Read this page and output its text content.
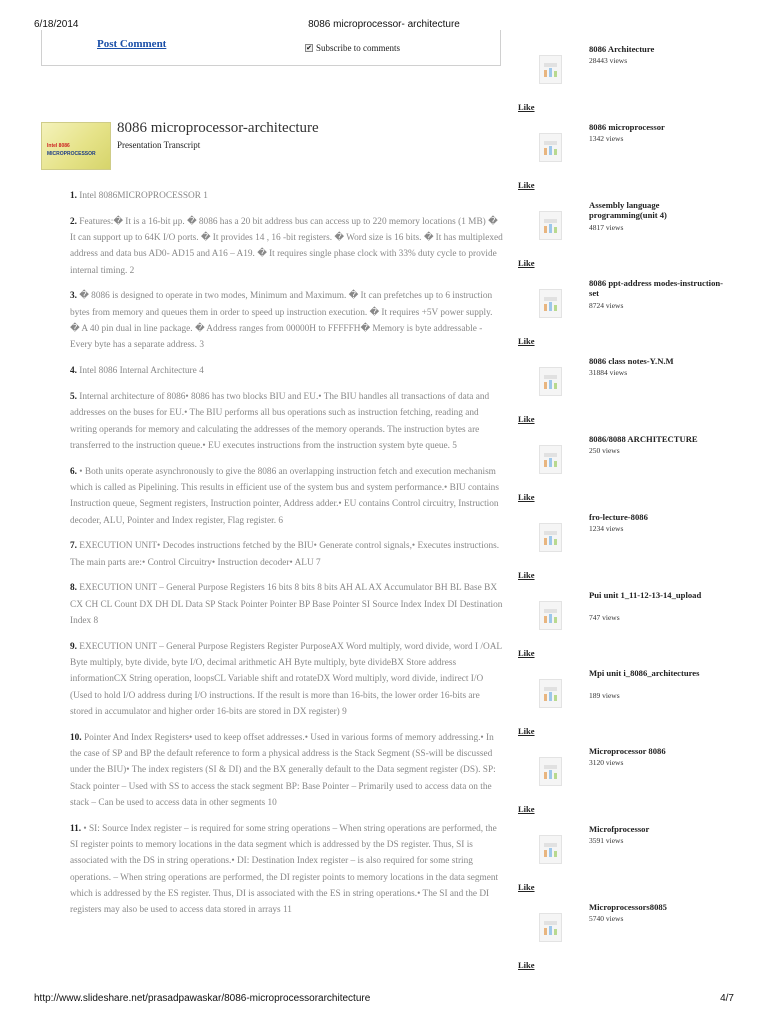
6/18/2014	8086 microprocessor- architecture
Post Comment	✔ Subscribe to comments
Intel 8086
MICROPROCESSOR
8086 microprocessor-architecture
Presentation Transcript

1. Intel 8086MICROPROCESSOR 1

2. Features:� It is a 16-bit μp. � 8086 has a 20 bit address bus can access up to 220 memory locations (1 MB) � It can support up to 64K I/O ports. � It provides 14 , 16 -bit registers. � Word size is 16 bits. � It has multiplexed address and data bus AD0- AD15 and A16 – A19. � It requires single phase clock with 33% duty cycle to provide internal timing. 2

3. � 8086 is designed to operate in two modes, Minimum and Maximum. � It can prefetches up to 6 instruction bytes from memory and queues them in order to speed up instruction execution. � It requires +5V power supply. � A 40 pin dual in line package. � Address ranges from 00000H to FFFFFH� Memory is byte addressable - Every byte has a separate address. 3

4. Intel 8086 Internal Architecture 4

5. Internal architecture of 8086• 8086 has two blocks BIU and EU.• The BIU handles all transactions of data and addresses on the buses for EU.• The BIU performs all bus operations such as instruction fetching, reading and writing operands for memory and calculating the addresses of the memory operands. The instruction bytes are transferred to the instruction queue.• EU executes instructions from the instruction system byte queue. 5

6. • Both units operate asynchronously to give the 8086 an overlapping instruction fetch and execution mechanism which is called as Pipelining. This results in efficient use of the system bus and system performance.• BIU contains Instruction queue, Segment registers, Instruction pointer, Address adder.• EU contains Control circuitry, Instruction decoder, ALU, Pointer and Index register, Flag register. 6

7. EXECUTION UNIT• Decodes instructions fetched by the BIU• Generate control signals,• Executes instructions. The main parts are:• Control Circuitry• Instruction decoder• ALU 7

8. EXECUTION UNIT – General Purpose Registers 16 bits 8 bits 8 bits AH AL AX Accumulator BH BL Base BX CX CH CL Count DX DH DL Data SP Stack Pointer Pointer BP Base Pointer SI Source Index Index DI Destination Index 8

9. EXECUTION UNIT – General Purpose Registers Register PurposeAX Word multiply, word divide, word I /OAL Byte multiply, byte divide, byte I/O, decimal arithmetic AH Byte multiply, byte divideBX Store address informationCX String operation, loopsCL Variable shift and rotateDX Word multiply, word divide, indirect I/O (Used to hold I/O address during I/O instructions. If the result is more than 16-bits, the lower order 16-bits are stored in accumulator and higher order 16-bits are stored in DX register) 9

10. Pointer And Index Registers• used to keep offset addresses.• Used in various forms of memory addressing.• In the case of SP and BP the default reference to form a physical address is the Stack Segment (SS-will be discussed under the BIU)• The index registers (SI & DI) and the BX generally default to the Data segment register (DS). SP: Stack pointer – Used with SS to access the stack segment BP: Base Pointer – Primarily used to access data on the stack – Can be used to access data in other segments 10

11. • SI: Source Index register – is required for some string operations – When string operations are performed, the SI register points to memory locations in the data segment which is addressed by the DS register. Thus, SI is associated with the DS in string operations.• DI: Destination Index register – is also required for some string operations. – When string operations are performed, the DI register points to memory locations in the data segment which is addressed by the ES register. Thus, DI is associated with the ES in string operations.• The SI and the DI registers may also be used to access data stored in arrays 11

8086 Architecture
28443 views
Like
8086 microprocessor
1342 views
Like
Assembly language programming(unit 4)
4817 views
Like
8086 ppt-address modes-instruction-set
8724 views
Like
8086 class notes-Y.N.M
31884 views
Like
8086/8088 ARCHITECTURE
250 views
Like
fro-lecture-8086
1234 views
Like
Pui unit 1_11-12-13-14_upload
747 views
Like
Mpi unit i_8086_architectures
189 views
Like
Microprocessor 8086
3120 views
Like
Microfprocessor
3591 views
Like
Microprocessors8085
5740 views
Like
http://www.slideshare.net/prasadpawaskar/8086-microprocessorarchitecture	4/7
